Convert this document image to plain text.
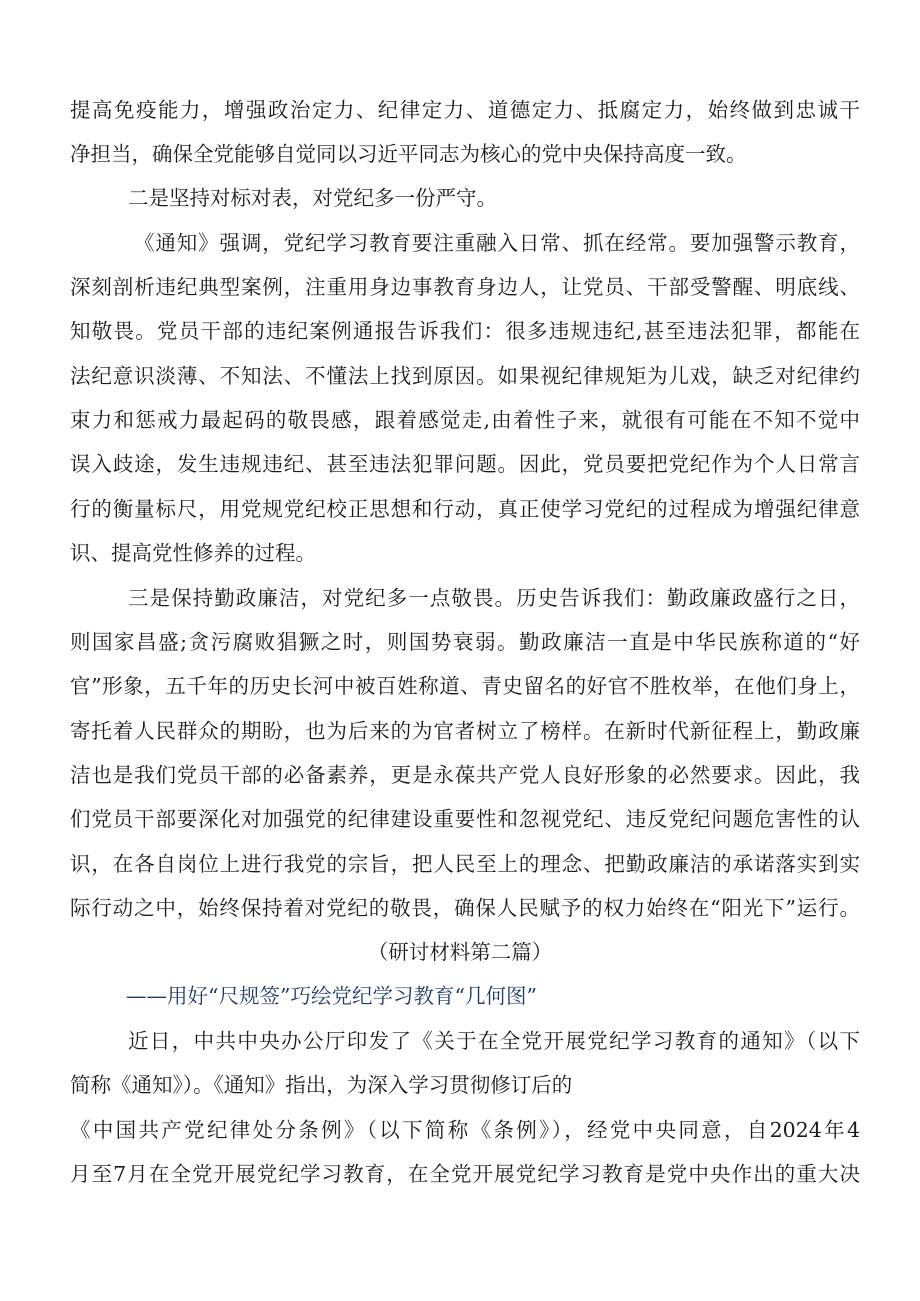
提高免疫能力，增强政治定力、纪律定力、道德定力、抵腐定力，始终做到忠诚干
净担当，确保全党能够自觉同以习近平同志为核心的党中央保持高度一致。
二是坚持对标对表，对党纪多一份严守。
《通知》强调，党纪学习教育要注重融入日常、抓在经常。要加强警示教育，
深刻剖析违纪典型案例，注重用身边事教育身边人，让党员、干部受警醒、明底线、
知敬畏。党员干部的违纪案例通报告诉我们：很多违规违纪,甚至违法犯罪，都能在
法纪意识淡薄、不知法、不懂法上找到原因。如果视纪律规矩为儿戏，缺乏对纪律约
束力和惩戒力最起码的敬畏感，跟着感觉走,由着性子来，就很有可能在不知不觉中
误入歧途，发生违规违纪、甚至违法犯罪问题。因此，党员要把党纪作为个人日常言
行的衡量标尺，用党规党纪校正思想和行动，真正使学习党纪的过程成为增强纪律意
识、提高党性修养的过程。
三是保持勤政廉洁，对党纪多一点敬畏。历史告诉我们：勤政廉政盛行之日，
则国家昌盛;贪污腐败猖獗之时，则国势衰弱。勤政廉洁一直是中华民族称道的“好
官”形象，五千年的历史长河中被百姓称道、青史留名的好官不胜枚举，在他们身上，
寄托着人民群众的期盼，也为后来的为官者树立了榜样。在新时代新征程上，勤政廉
洁也是我们党员干部的必备素养，更是永葆共产党人良好形象的必然要求。因此，我
们党员干部要深化对加强党的纪律建设重要性和忽视党纪、违反党纪问题危害性的认
识，在各自岗位上进行我党的宗旨，把人民至上的理念、把勤政廉洁的承诺落实到实
际行动之中，始终保持着对党纪的敬畏，确保人民赋予的权力始终在“阳光下”运行。
（研讨材料第二篇）
——用好“尺规签”巧绘党纪学习教育“几何图”
近日，中共中央办公厅印发了《关于在全党开展党纪学习教育的通知》（以下
简称《通知》）。《通知》指出，为深入学习贯彻修订后的
《中国共产党纪律处分条例》（以下简称《条例》），经党中央同意，自2024年4
月至7月在全党开展党纪学习教育，在全党开展党纪学习教育是党中央作出的重大决
